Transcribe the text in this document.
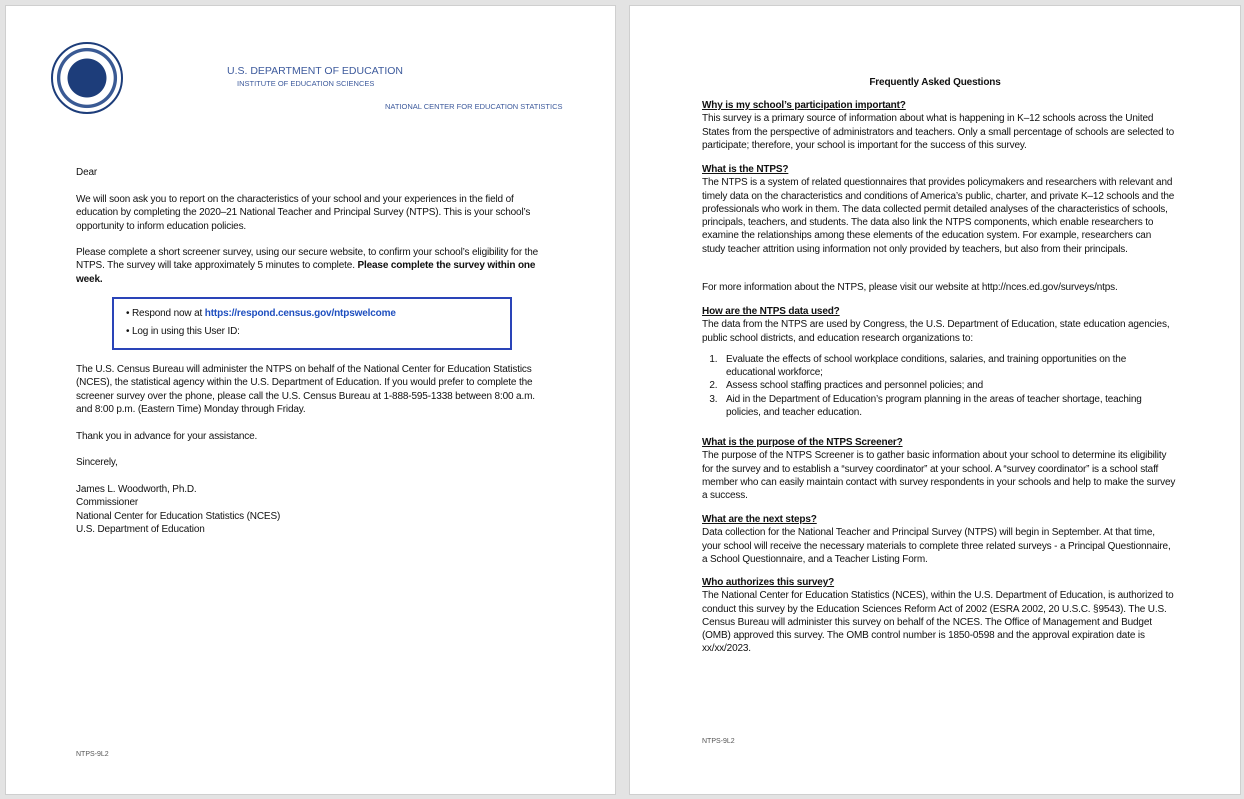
U.S. DEPARTMENT OF EDUCATION
INSTITUTE OF EDUCATION SCIENCES
NATIONAL CENTER FOR EDUCATION STATISTICS
Dear
We will soon ask you to report on the characteristics of your school and your experiences in the field of education by completing the 2020–21 National Teacher and Principal Survey (NTPS). This is your school’s opportunity to inform education policies.
Please complete a short screener survey, using our secure website, to confirm your school’s eligibility for the NTPS. The survey will take approximately 5 minutes to complete. Please complete the survey within one week.
• Respond now at https://respond.census.gov/ntpswelcome
• Log in using this User ID:
The U.S. Census Bureau will administer the NTPS on behalf of the National Center for Education Statistics (NCES), the statistical agency within the U.S. Department of Education. If you would prefer to complete the screener survey over the phone, please call the U.S. Census Bureau at 1-888-595-1338 between 8:00 a.m. and 8:00 p.m. (Eastern Time) Monday through Friday.
Thank you in advance for your assistance.
Sincerely,
James L. Woodworth, Ph.D.
Commissioner
National Center for Education Statistics (NCES)
U.S. Department of Education
NTPS-9L2
Frequently Asked Questions
Why is my school’s participation important?
This survey is a primary source of information about what is happening in K–12 schools across the United States from the perspective of administrators and teachers. Only a small percentage of schools are selected to participate; therefore, your school is important for the success of this survey.
What is the NTPS?
The NTPS is a system of related questionnaires that provides policymakers and researchers with relevant and timely data on the characteristics and conditions of America’s public, charter, and private K–12 schools and the professionals who work in them. The data collected permit detailed analyses of the characteristics of schools, principals, teachers, and students. The data also link the NTPS components, which enable researchers to examine the relationships among these elements of the education system. For example, researchers can study teacher attrition using information not only provided by teachers, but also from their principals.
For more information about the NTPS, please visit our website at http://nces.ed.gov/surveys/ntps.
How are the NTPS data used?
The data from the NTPS are used by Congress, the U.S. Department of Education, state education agencies, public school districts, and education research organizations to:
1. Evaluate the effects of school workplace conditions, salaries, and training opportunities on the educational workforce;
2. Assess school staffing practices and personnel policies; and
3. Aid in the Department of Education’s program planning in the areas of teacher shortage, teaching policies, and teacher education.
What is the purpose of the NTPS Screener?
The purpose of the NTPS Screener is to gather basic information about your school to determine its eligibility for the survey and to establish a “survey coordinator” at your school. A “survey coordinator” is a school staff member who can easily maintain contact with survey respondents in your schools and help to make the survey a success.
What are the next steps?
Data collection for the National Teacher and Principal Survey (NTPS) will begin in September. At that time, your school will receive the necessary materials to complete three related surveys - a Principal Questionnaire, a School Questionnaire, and a Teacher Listing Form.
Who authorizes this survey?
The National Center for Education Statistics (NCES), within the U.S. Department of Education, is authorized to conduct this survey by the Education Sciences Reform Act of 2002 (ESRA 2002, 20 U.S.C. §9543). The U.S. Census Bureau will administer this survey on behalf of the NCES. The Office of Management and Budget (OMB) approved this survey. The OMB control number is 1850-0598 and the approval expiration date is xx/xx/2023.
NTPS-9L2
